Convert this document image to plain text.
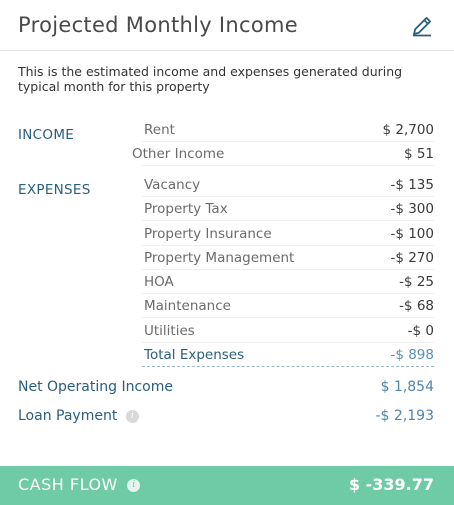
Projected Monthly Income
This is the estimated income and expenses generated during typical month for this property
INCOME	Rent	$ 2,700
Other Income	$ 51
EXPENSES	Vacancy	-$ 135
Property Tax	-$ 300
Property Insurance	-$ 100
Property Management	-$ 270
HOA	-$ 25
Maintenance	-$ 68
Utilities	-$ 0
Total Expenses	-$ 898
Net Operating Income	$ 1,854
Loan Payment i	-$ 2,193
CASH FLOW i	$ -339.77
